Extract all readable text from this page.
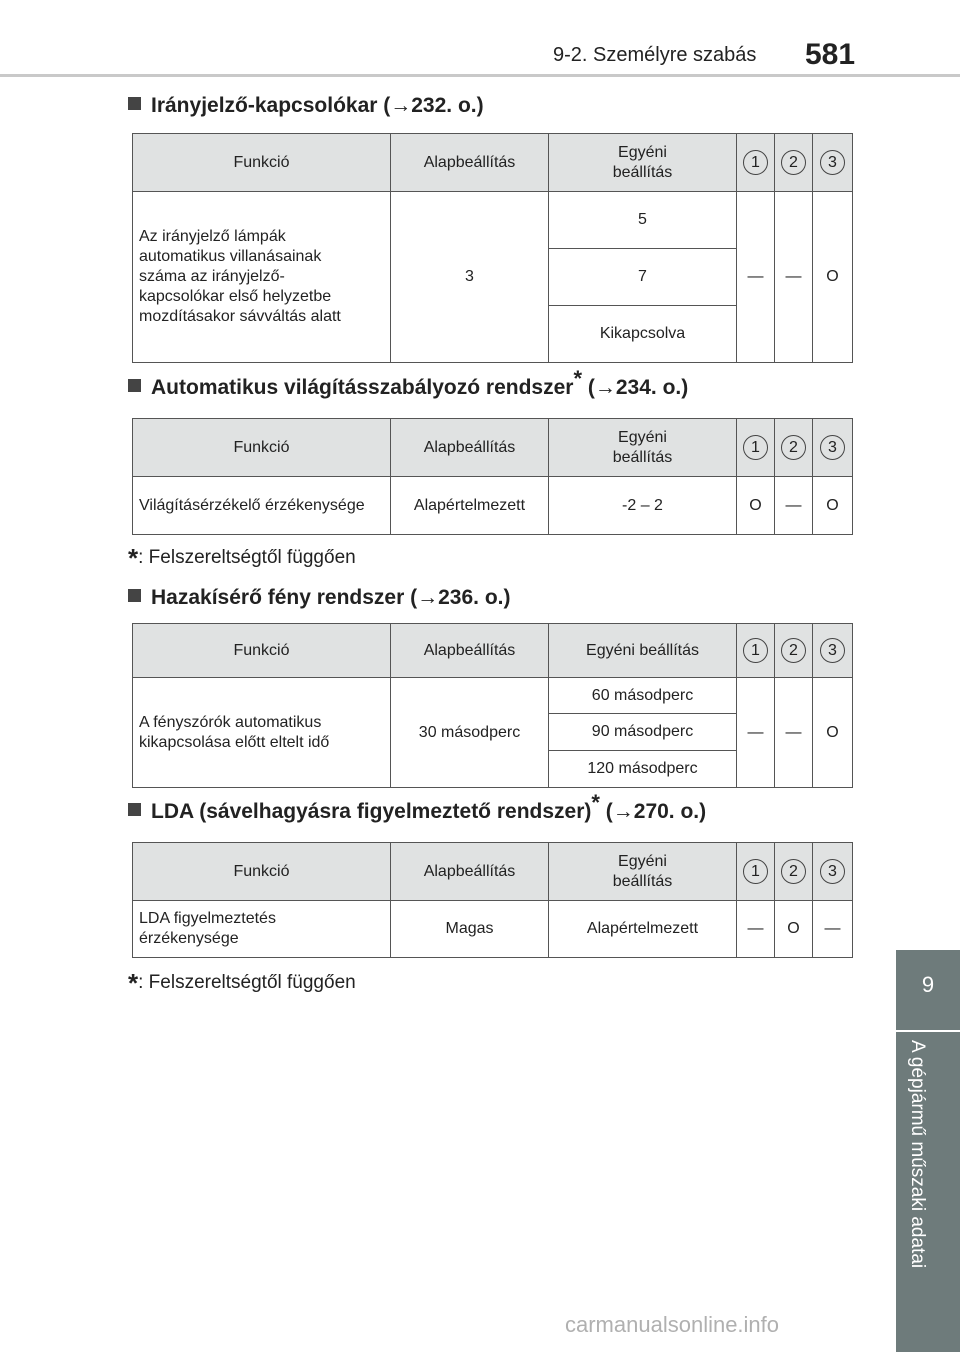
9-2. Személyre szabás 581
9
A gépjármű műszaki adatai
Irányjelző-kapcsolókar (→232. o.)
Funkció	Alapbeállítás	Egyéni beállítás	1	2	3
Az irányjelző lámpák automatikus villanásainak száma az irányjelző-kapcsolókar első helyzetbe mozdításakor sávváltás alatt	3	5	—	—	O
		7			
		Kikapcsolva			
Automatikus világításszabályozó rendszer* (→234. o.)
Funkció	Alapbeállítás	Egyéni beállítás	1	2	3
Világításérzékelő érzékenysége	Alapértelmezett	-2 – 2	O	—	O
*: Felszereltségtől függően
Hazakísérő fény rendszer (→236. o.)
Funkció	Alapbeállítás	Egyéni beállítás	1	2	3
A fényszórók automatikus kikapcsolása előtt eltelt idő	30 másodperc	60 másodperc	—	—	O
		90 másodperc			
		120 másodperc			
LDA (sávelhagyásra figyelmeztető rendszer)* (→270. o.)
Funkció	Alapbeállítás	Egyéni beállítás	1	2	3
LDA figyelmeztetés érzékenysége	Magas	Alapértelmezett	—	O	—
*: Felszereltségtől függően
carmanualsonline.info
